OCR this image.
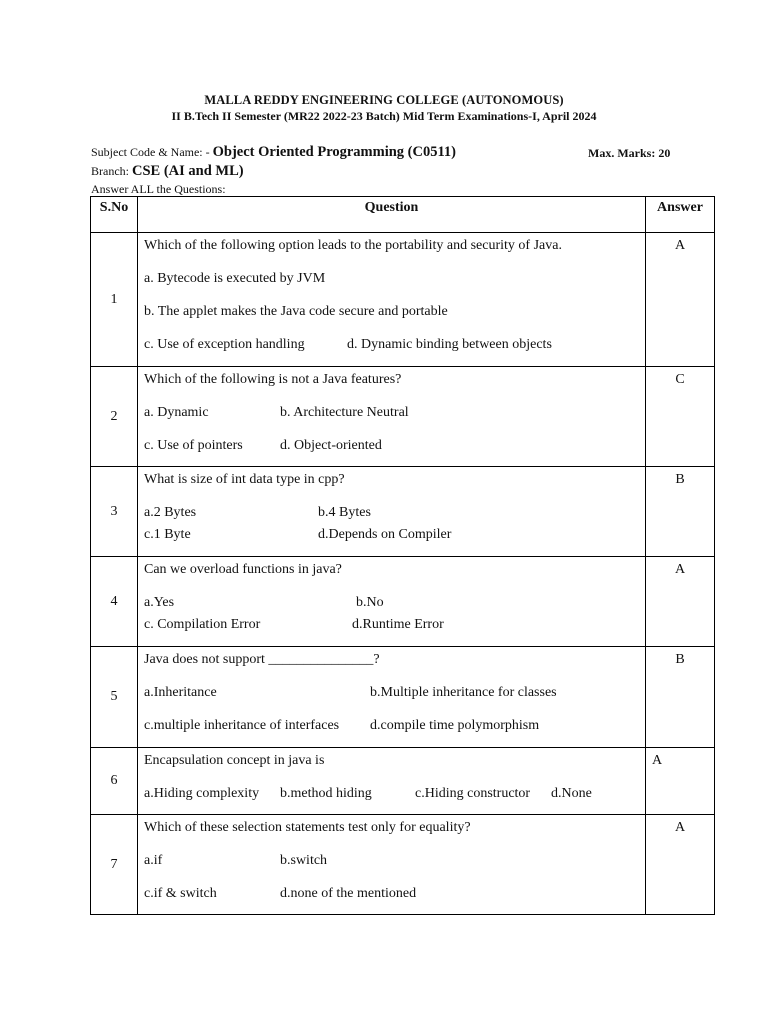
MALLA REDDY ENGINEERING COLLEGE (AUTONOMOUS)
II B.Tech II Semester (MR22 2022-23 Batch) Mid Term Examinations-I, April 2024
Subject Code & Name: - Object Oriented Programming (C0511)	Max. Marks: 20
Branch: CSE (AI and ML)
Answer ALL the Questions:
S.No	Question	Answer
1	Which of the following option leads to the portability and security of Java.
a. Bytecode is executed by JVM
b. The applet makes the Java code secure and portable
c. Use of exception handling d. Dynamic binding between objects	A
2	Which of the following is not a Java features?
a. Dynamic b. Architecture Neutral
c. Use of pointers d. Object-oriented	C
3	What is size of int data type in cpp?
a.2 Bytes b.4 Bytes
c.1 Byte d.Depends on Compiler	B
4	Can we overload functions in java?
a.Yes b.No
c. Compilation Error d.Runtime Error	A
5	Java does not support _______________?
a.Inheritance b.Multiple inheritance for classes
c.multiple inheritance of interfaces d.compile time polymorphism	B
6	Encapsulation concept in java is
a.Hiding complexity b.method hiding c.Hiding constructor d.None	A
7	Which of these selection statements test only for equality?
a.if b.switch
c.if & switch d.none of the mentioned	A
